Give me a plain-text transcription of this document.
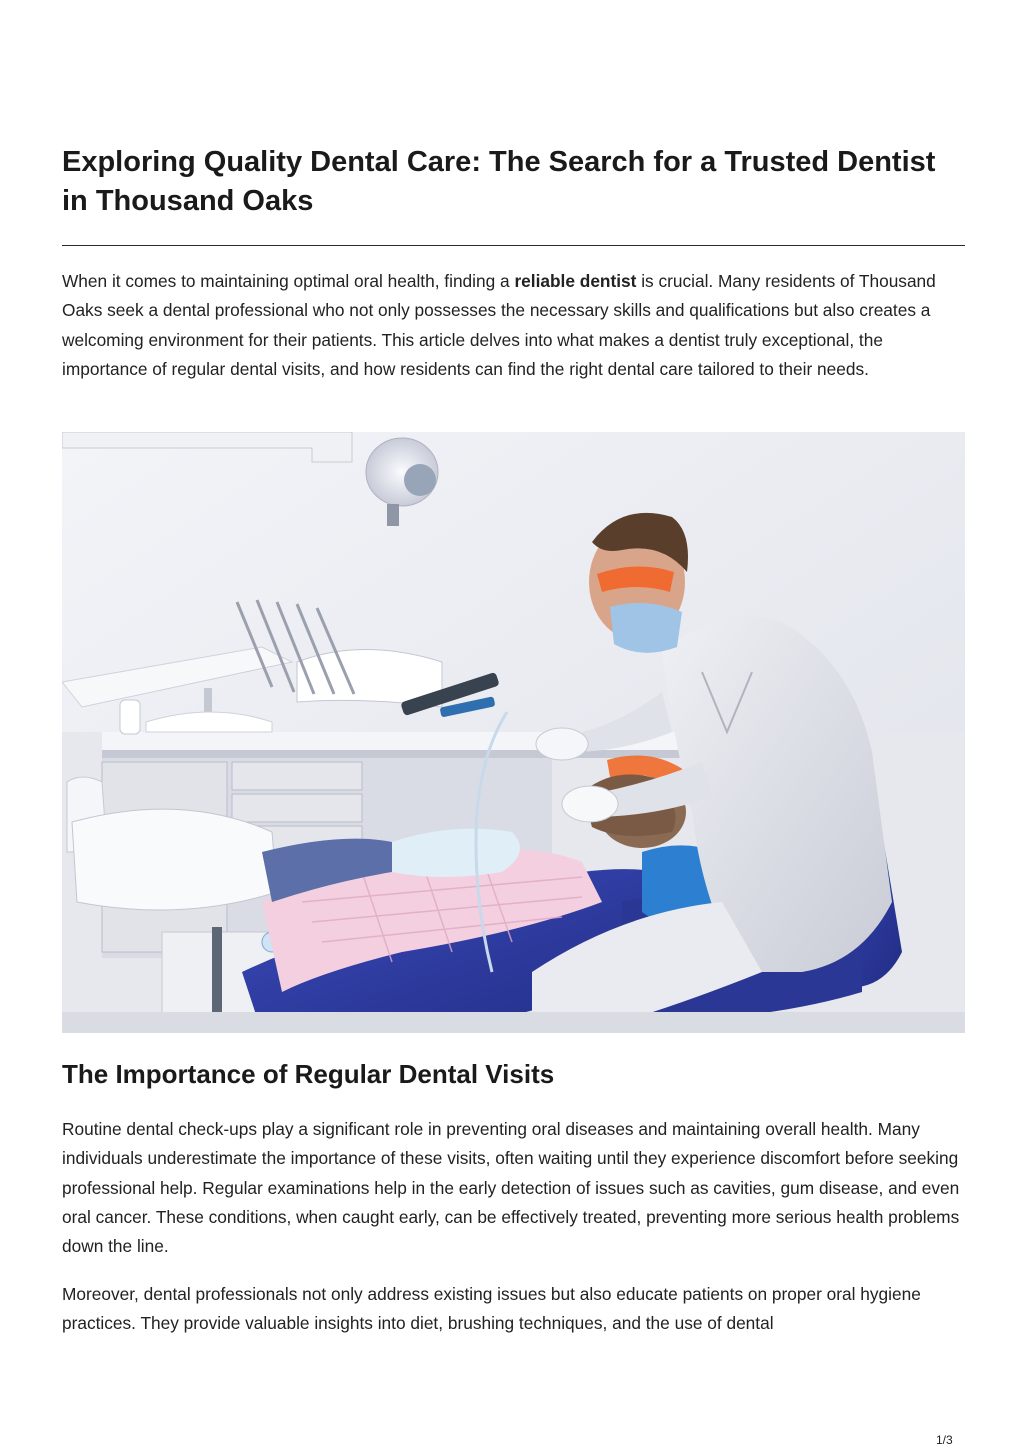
Exploring Quality Dental Care: The Search for a Trusted Dentist in Thousand Oaks

When it comes to maintaining optimal oral health, finding a reliable dentist is crucial. Many residents of Thousand Oaks seek a dental professional who not only possesses the necessary skills and qualifications but also creates a welcoming environment for their patients. This article delves into what makes a dentist truly exceptional, the importance of regular dental visits, and how residents can find the right dental care tailored to their needs.

The Importance of Regular Dental Visits

Routine dental check-ups play a significant role in preventing oral diseases and maintaining overall health. Many individuals underestimate the importance of these visits, often waiting until they experience discomfort before seeking professional help. Regular examinations help in the early detection of issues such as cavities, gum disease, and even oral cancer. These conditions, when caught early, can be effectively treated, preventing more serious health problems down the line.

Moreover, dental professionals not only address existing issues but also educate patients on proper oral hygiene practices. They provide valuable insights into diet, brushing techniques, and the use of dental

1/3
